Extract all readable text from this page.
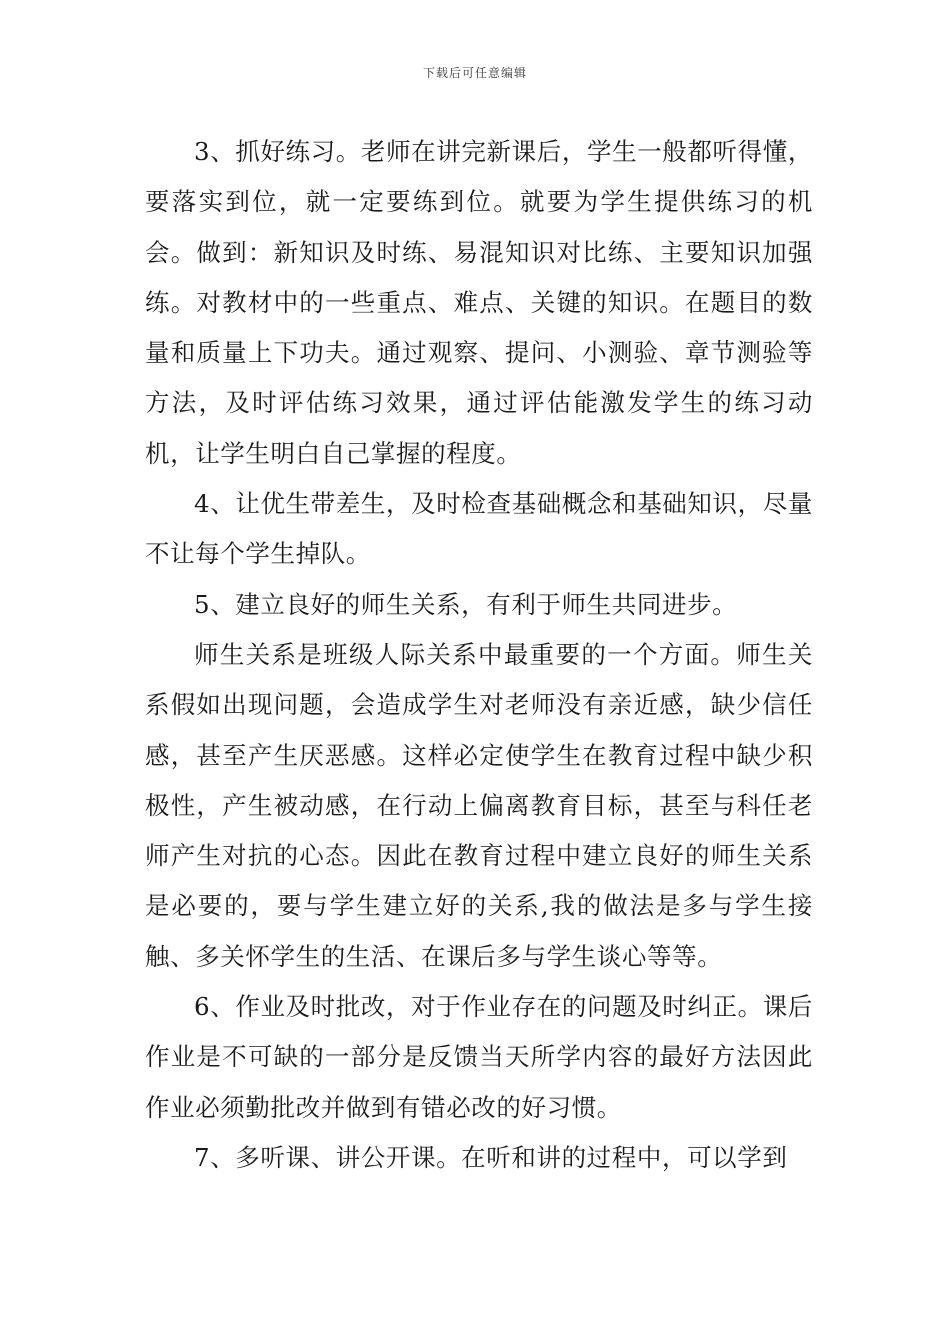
下载后可任意编辑

3、抓好练习。老师在讲完新课后，学生一般都听得懂，要落实到位，就一定要练到位。就要为学生提供练习的机会。做到：新知识及时练、易混知识对比练、主要知识加强练。对教材中的一些重点、难点、关键的知识。在题目的数量和质量上下功夫。通过观察、提问、小测验、章节测验等方法，及时评估练习效果，通过评估能激发学生的练习动机，让学生明白自己掌握的程度。

4、让优生带差生，及时检查基础概念和基础知识，尽量不让每个学生掉队。

5、建立良好的师生关系，有利于师生共同进步。

师生关系是班级人际关系中最重要的一个方面。师生关系假如出现问题，会造成学生对老师没有亲近感，缺少信任感，甚至产生厌恶感。这样必定使学生在教育过程中缺少积极性，产生被动感，在行动上偏离教育目标，甚至与科任老师产生对抗的心态。因此在教育过程中建立良好的师生关系是必要的，要与学生建立好的关系,我的做法是多与学生接触、多关怀学生的生活、在课后多与学生谈心等等。

6、作业及时批改，对于作业存在的问题及时纠正。课后作业是不可缺的一部分是反馈当天所学内容的最好方法因此作业必须勤批改并做到有错必改的好习惯。

7、多听课、讲公开课。在听和讲的过程中，可以学到
